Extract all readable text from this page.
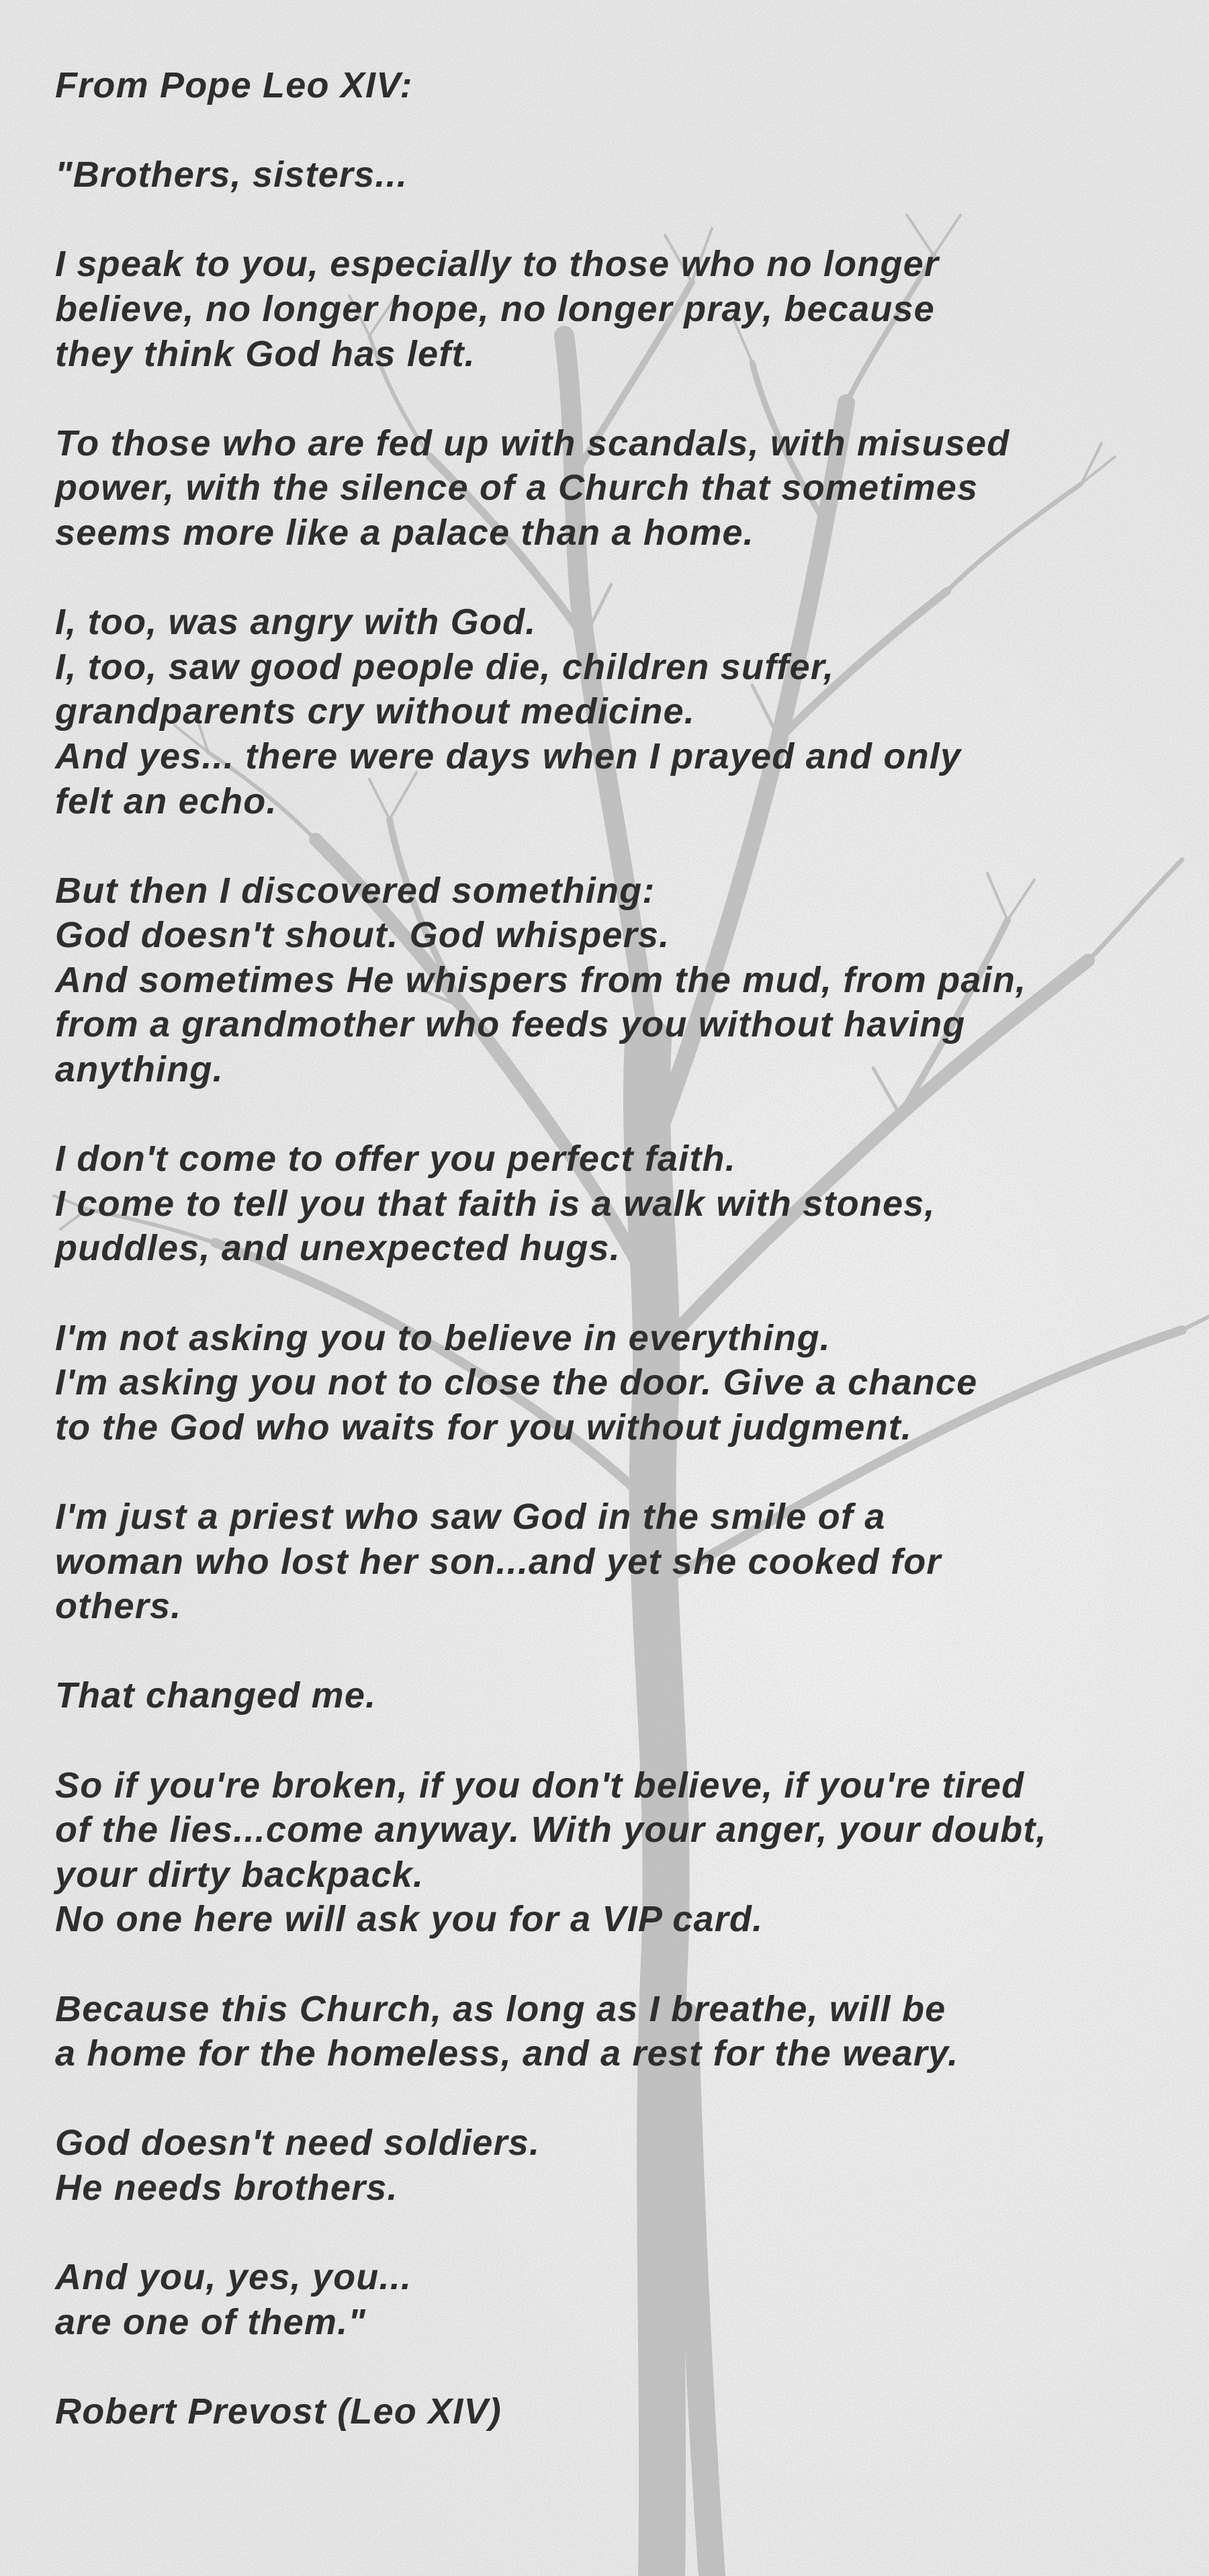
From Pope Leo XIV:
"Brothers, sisters...
I speak to you, especially to those who no longer
believe, no longer hope, no longer pray, because
they think God has left.
To those who are fed up with scandals, with misused
power, with the silence of a Church that sometimes
seems more like a palace than a home.
I, too, was angry with God.
I, too, saw good people die, children suffer,
grandparents cry without medicine.
And yes... there were days when I prayed and only
felt an echo.
But then I discovered something:
God doesn't shout. God whispers.
And sometimes He whispers from the mud, from pain,
from a grandmother who feeds you without having
anything.
I don't come to offer you perfect faith.
I come to tell you that faith is a walk with stones,
puddles, and unexpected hugs.
I'm not asking you to believe in everything.
I'm asking you not to close the door. Give a chance
to the God who waits for you without judgment.
I'm just a priest who saw God in the smile of a
woman who lost her son...and yet she cooked for
others.
That changed me.
So if you're broken, if you don't believe, if you're tired
of the lies...come anyway. With your anger, your doubt,
your dirty backpack.
No one here will ask you for a VIP card.
Because this Church, as long as I breathe, will be
a home for the homeless, and a rest for the weary.
God doesn't need soldiers.
He needs brothers.
And you, yes, you...
are one of them."
Robert Prevost (Leo XIV)
